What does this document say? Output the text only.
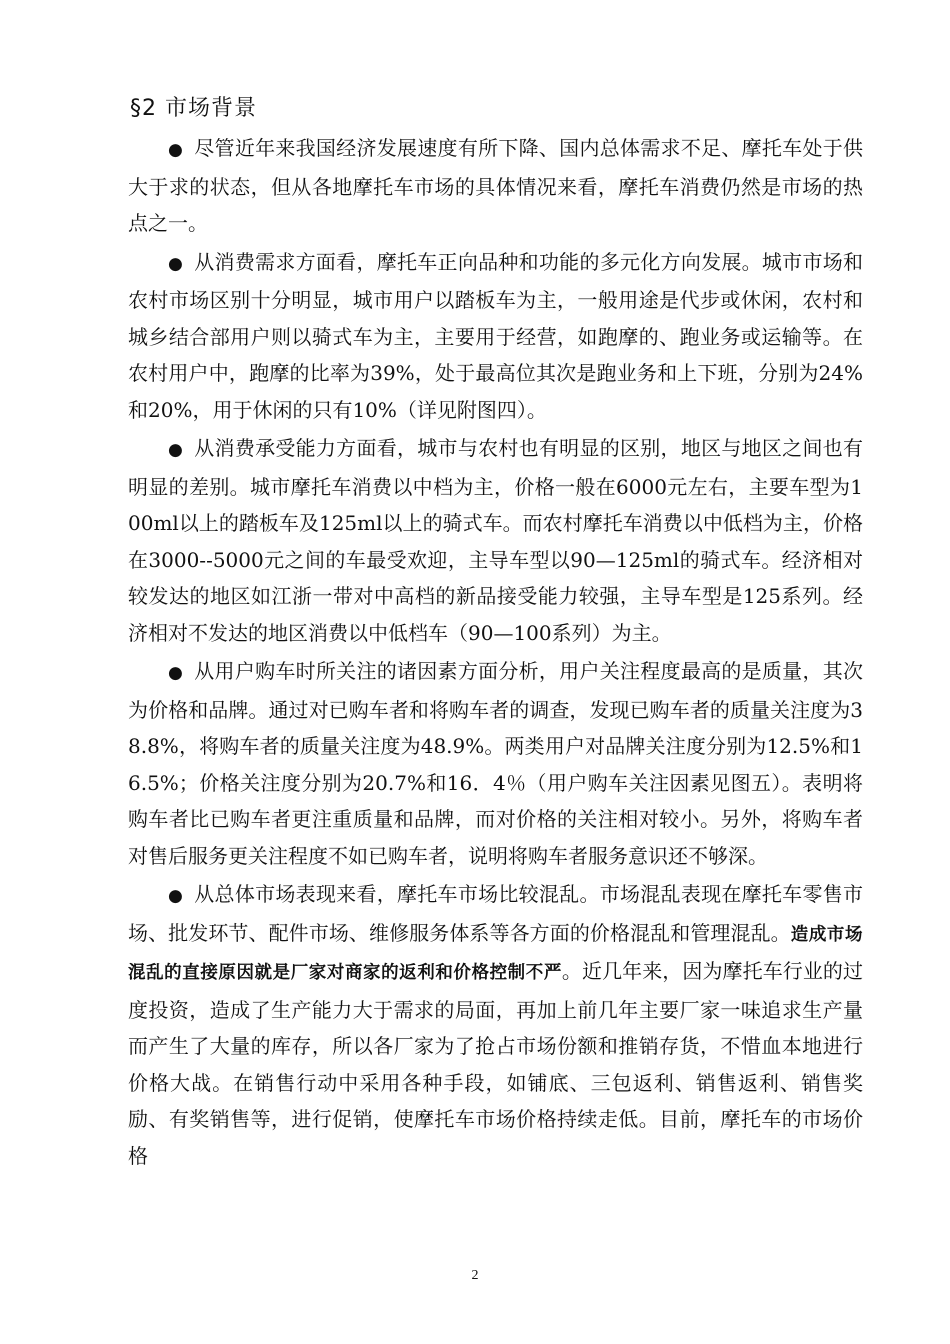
§2 市场背景

● 尽管近年来我国经济发展速度有所下降、国内总体需求不足、摩托车处于供大于求的状态，但从各地摩托车市场的具体情况来看，摩托车消费仍然是市场的热点之一。

● 从消费需求方面看，摩托车正向品种和功能的多元化方向发展。城市市场和农村市场区别十分明显，城市用户以踏板车为主，一般用途是代步或休闲，农村和城乡结合部用户则以骑式车为主，主要用于经营，如跑摩的、跑业务或运输等。在农村用户中，跑摩的比率为39%，处于最高位其次是跑业务和上下班，分别为24%和20%，用于休闲的只有10%（详见附图四）。

● 从消费承受能力方面看，城市与农村也有明显的区别，地区与地区之间也有明显的差别。城市摩托车消费以中档为主，价格一般在6000元左右，主要车型为100ml以上的踏板车及125ml以上的骑式车。而农村摩托车消费以中低档为主，价格在3000--5000元之间的车最受欢迎，主导车型以90—125ml的骑式车。经济相对较发达的地区如江浙一带对中高档的新品接受能力较强，主导车型是125系列。经济相对不发达的地区消费以中低档车（90—100系列）为主。

● 从用户购车时所关注的诸因素方面分析，用户关注程度最高的是质量，其次为价格和品牌。通过对已购车者和将购车者的调查，发现已购车者的质量关注度为38.8%，将购车者的质量关注度为48.9%。两类用户对品牌关注度分别为12.5%和16.5%；价格关注度分别为20.7%和16．4％（用户购车关注因素见图五）。表明将购车者比已购车者更注重质量和品牌，而对价格的关注相对较小。另外，将购车者对售后服务更关注程度不如已购车者，说明将购车者服务意识还不够深。

● 从总体市场表现来看，摩托车市场比较混乱。市场混乱表现在摩托车零售市场、批发环节、配件市场、维修服务体系等各方面的价格混乱和管理混乱。造成市场混乱的直接原因就是厂家对商家的返利和价格控制不严。近几年来，因为摩托车行业的过度投资，造成了生产能力大于需求的局面，再加上前几年主要厂家一味追求生产量而产生了大量的库存，所以各厂家为了抢占市场份额和推销存货，不惜血本地进行价格大战。在销售行动中采用各种手段，如铺底、三包返利、销售返利、销售奖励、有奖销售等，进行促销，使摩托车市场价格持续走低。目前，摩托车的市场价格

2
